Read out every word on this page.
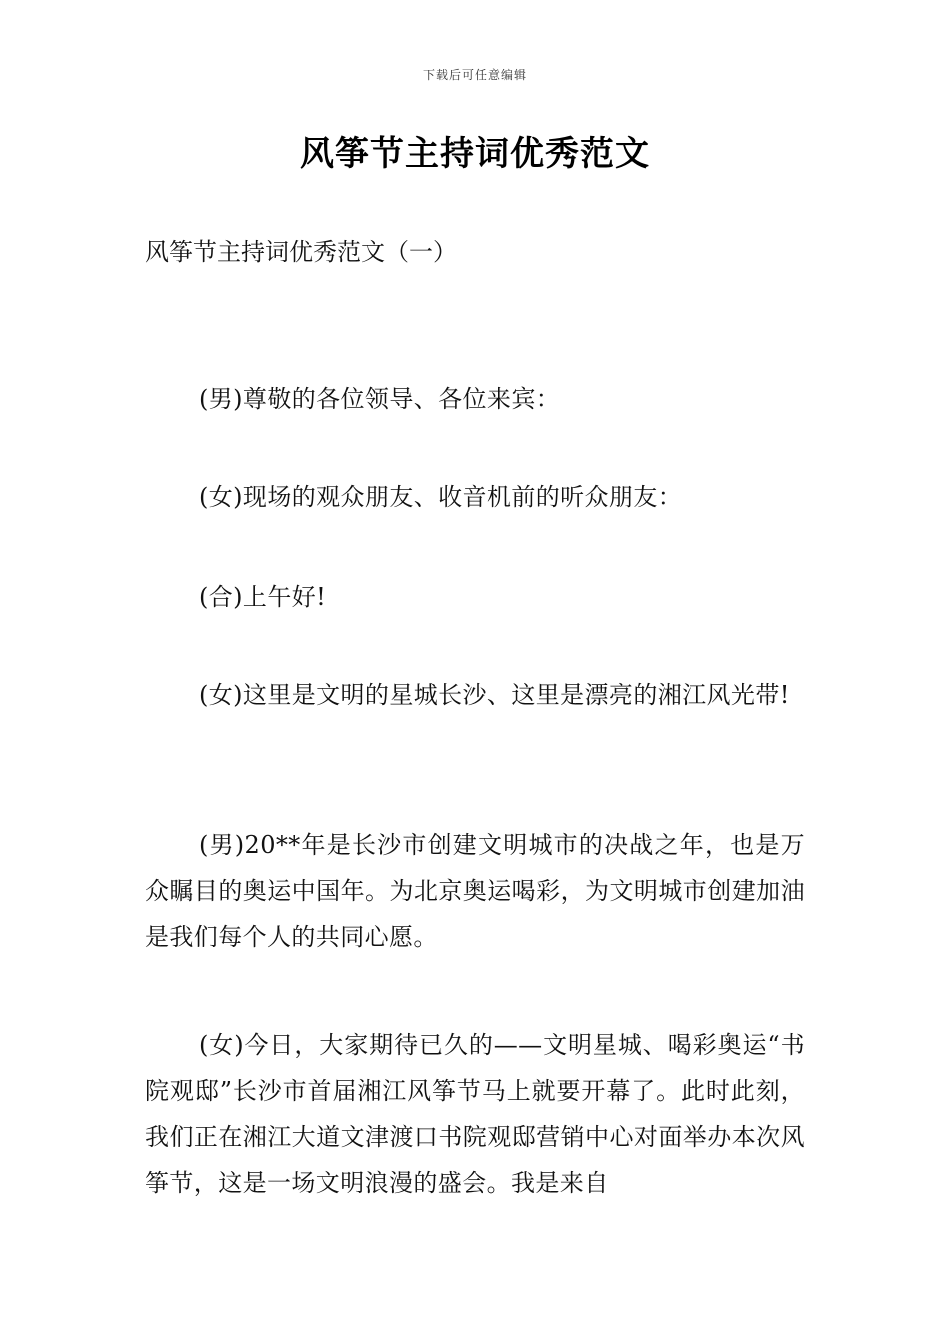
下载后可任意编辑
风筝节主持词优秀范文
风筝节主持词优秀范文（一）

(男)尊敬的各位领导、各位来宾：

(女)现场的观众朋友、收音机前的听众朋友：

(合)上午好!

(女)这里是文明的星城长沙、这里是漂亮的湘江风光带!

(男)20**年是长沙市创建文明城市的决战之年，也是万众瞩目的奥运中国年。为北京奥运喝彩，为文明城市创建加油是我们每个人的共同心愿。

(女)今日，大家期待已久的——文明星城、喝彩奥运“书院观邸”长沙市首届湘江风筝节马上就要开幕了。此时此刻，我们正在湘江大道文津渡口书院观邸营销中心对面举办本次风筝节，这是一场文明浪漫的盛会。我是来自
